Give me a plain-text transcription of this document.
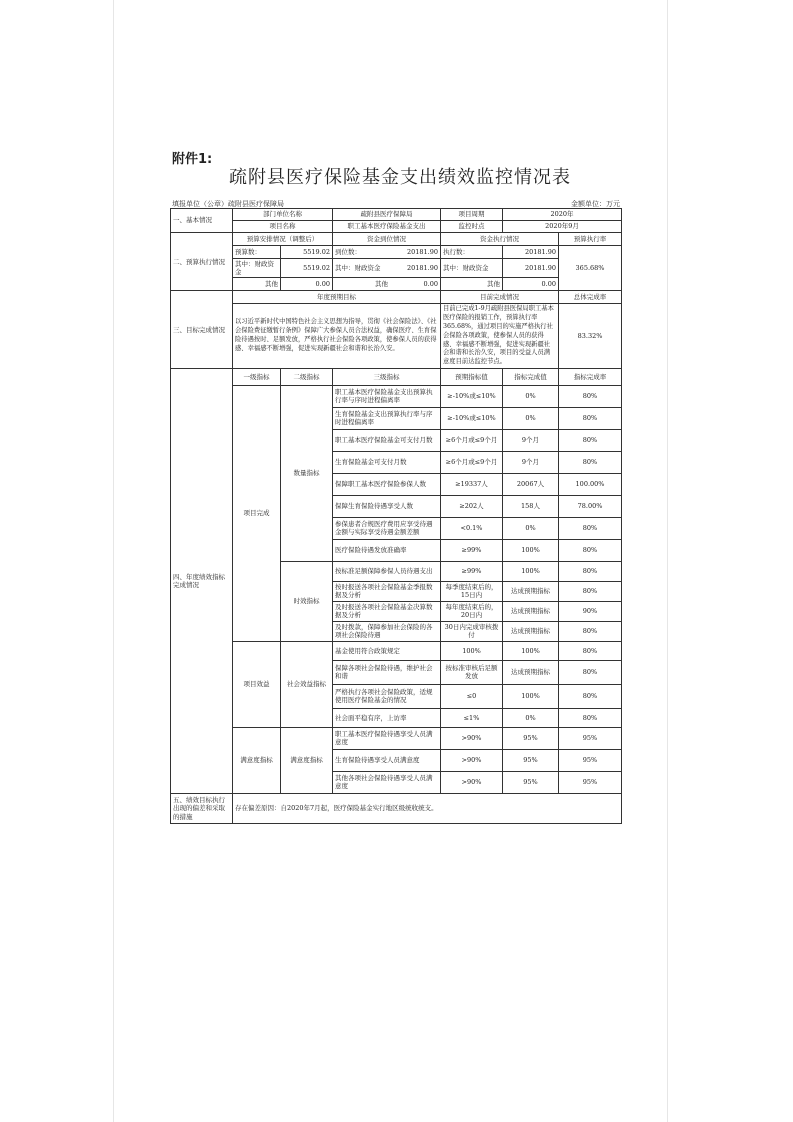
附件1:
疏附县医疗保险基金支出绩效监控情况表
填报单位（公章）疏附县医疗保障局	金额单位：万元
一、基本情况	部门单位名称		疏附县医疗保障局	项目周期	2020年	
	项目名称		职工基本医疗保险基金支出	监控时点	2020年9月	
二、预算执行情况	预算安排情况（调整后）		资金到位情况	资金执行情况		预算执行率
	预算数：	5519.02	到位数： 20181.90	执行数：	20181.90	365.68%
	其中：财政资金	5519.02	其中：财政资金 20181.90	其中：财政资金	20181.90	
	其他	0.00	其他 0.00	其他	0.00	
三、目标完成情况	年度预期目标			目前完成情况		总体完成率
	以习近平新时代中国特色社会主义思想为指导，贯彻《社会保险法》、《社会保险费征缴暂行条例》保障广大参保人员合法权益，确保医疗、生育保险待遇按时、足额发放，严格执行社会保险各项政策，使参保人员的获得感、幸福感不断增强，促进实现新疆社会和谐和长治久安。			目前已完成1-9月疏附县医保局职工基本医疗保险的报销工作，预算执行率365.68%，通过项目的实施严格执行社会保险各项政策，使参保人员的获得感、幸福感不断增强，促进实现新疆社会和谐和长治久安，项目的受益人员满意度目前达监控节点。		83.32%
四、年度绩效指标完成情况	一级指标	二级指标	三级指标	预期指标值	指标完成值	指标完成率
	项目完成	数量指标	职工基本医疗保险基金支出预算执行率与序时进程偏离率	≥-10%或≤10%	0%	80%
			生育保险基金支出预算执行率与序时进程偏离率	≥-10%或≤10%	0%	80%
			职工基本医疗保险基金可支付月数	≥6个月或≤9个月	9个月	80%
			生育保险基金可支付月数	≥6个月或≤9个月	9个月	80%
			保障职工基本医疗保险参保人数	≥19337人	20067人	100.00%
			保障生育保险待遇享受人数	≥202人	158人	78.00%
			参保患者合规医疗费用应享受待遇金额与实际享受待遇金额差额	<0.1%	0%	80%
			医疗保险待遇发放准确率	≥99%	100%	80%
		时效指标	按标准足额保障参保人员待遇支出	≥99%	100%	80%
			按时报送各项社会保险基金季报数据及分析	每季度结束后的，15日内	达成预期指标	80%
			及时报送各项社会保险基金决算数据及分析	每年度结束后的，20日内	达成预期指标	90%
			及时拨款，保障参加社会保险的各项社会保险待遇	30日内完成审核拨付	达成预期指标	80%
	项目效益	社会效益指标	基金使用符合政策规定	100%	100%	80%
			保障各项社会保险待遇，维护社会和谐	按标准审核后足额发放	达成预期指标	80%
			严格执行各项社会保险政策，适规使用医疗保险基金的情况	≤0	100%	80%
			社会面平稳有序，上访率	≤1%	0%	80%
	满意度指标	满意度指标	职工基本医疗保险待遇享受人员满意度	>90%	95%	95%
			生育保险待遇享受人员满意度	>90%	95%	95%
			其他各项社会保险待遇享受人员满意度	>90%	95%	95%
五、绩效目标执行出现的偏差和采取的措施	存在偏差原因：自2020年7月起，医疗保险基金实行地区级统收统支。					
